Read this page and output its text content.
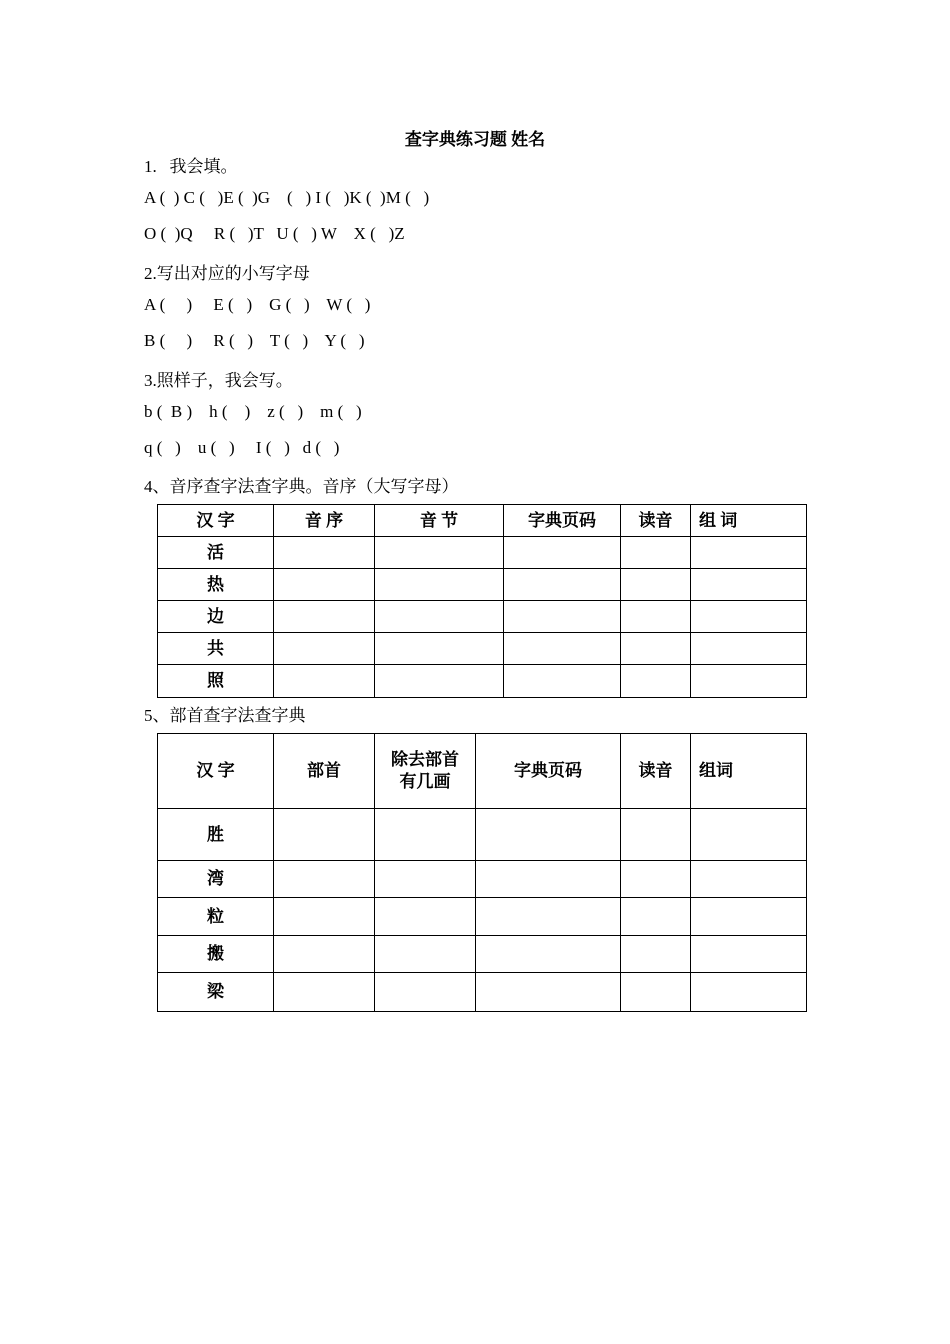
查字典练习题 姓名
1.   我会填。
A (  ) C (   )E (  )G    (   ) I (   )K (  )M (   )
O (  )Q     R (   )T   U (   ) W    X (   )Z
2.写出对应的小写字母
A (     )     E (   )    G (   )    W (   )
B (     )     R (   )    T (   )    Y (   )
3.照样子，我会写。
b (  B )    h (    )    z (   )    m (   )
q (   )    u (   )     I (   )   d (   )
4、音序查字法查字典。音序（大写字母）
汉 字	音 序	音 节	字典页码	读音	组 词
活					
热					
边					
共					
照					
5、部首查字法查字典
汉 字	部首	除去部首
有几画	字典页码	读音	组词
胜					
湾					
粒					
搬					
梁					
